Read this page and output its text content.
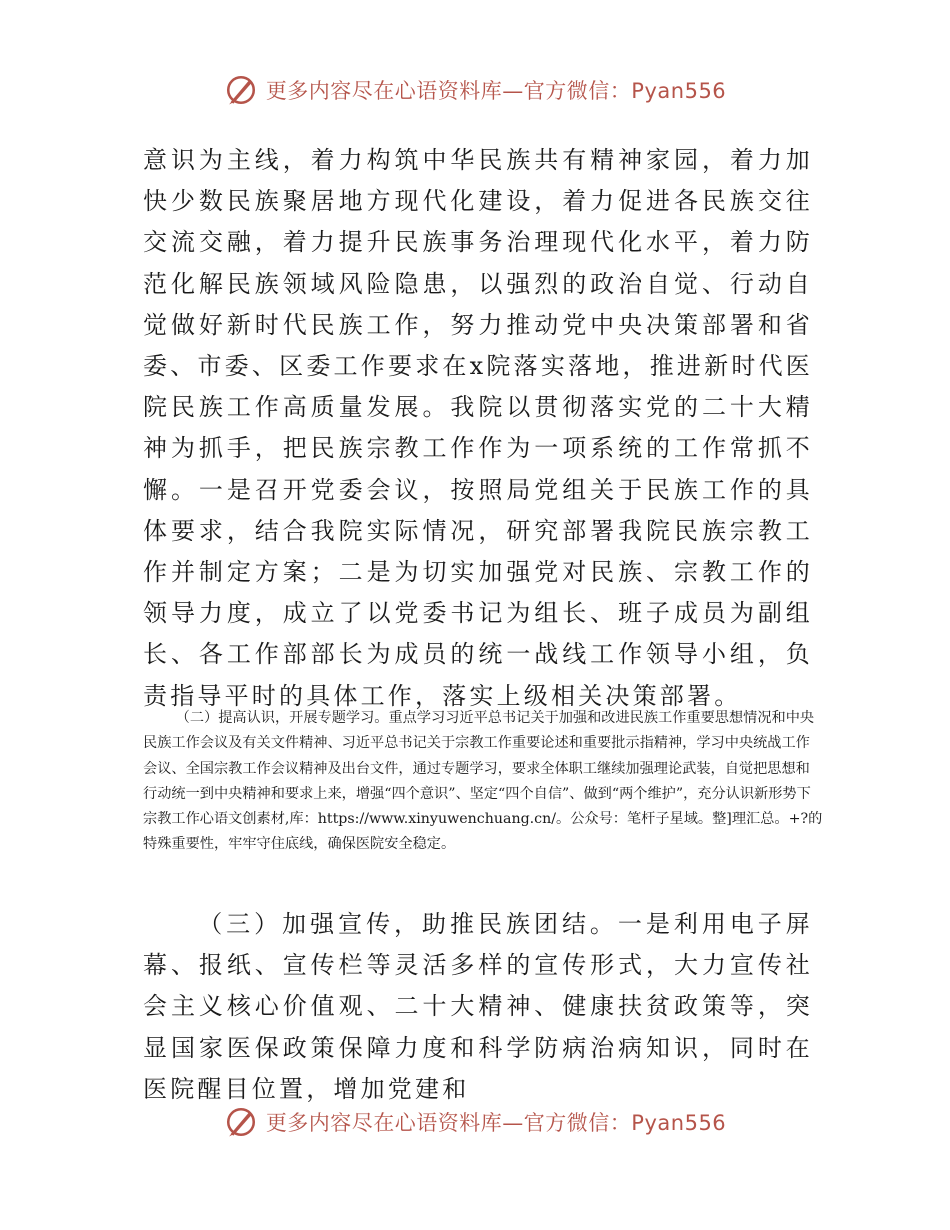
更多内容尽在心语资料库—官方微信：Pyan556

意识为主线，着力构筑中华民族共有精神家园，着力加快少数民族聚居地方现代化建设，着力促进各民族交往交流交融，着力提升民族事务治理现代化水平，着力防范化解民族领域风险隐患，以强烈的政治自觉、行动自觉做好新时代民族工作，努力推动党中央决策部署和省委、市委、区委工作要求在x院落实落地，推进新时代医院民族工作高质量发展。我院以贯彻落实党的二十大精神为抓手，把民族宗教工作作为一项系统的工作常抓不懈。一是召开党委会议，按照局党组关于民族工作的具体要求，结合我院实际情况，研究部署我院民族宗教工作并制定方案；二是为切实加强党对民族、宗教工作的领导力度，成立了以党委书记为组长、班子成员为副组长、各工作部部长为成员的统一战线工作领导小组，负责指导平时的具体工作，落实上级相关决策部署。

（二）提高认识，开展专题学习。重点学习习近平总书记关于加强和改进民族工作重要思想情况和中央民族工作会议及有关文件精神、习近平总书记关于宗教工作重要论述和重要批示指精神，学习中央统战工作会议、全国宗教工作会议精神及出台文件，通过专题学习，要求全体职工继续加强理论武装，自觉把思想和行动统一到中央精神和要求上来，增强“四个意识”、坚定“四个自信”、做到“两个维护”，充分认识新形势下宗教工作心语文创素材,库：https://www.xinyuwenchuang.cn/。公众号：笔杆子星域。整]理汇总。+?的特殊重要性，牢牢守住底线，确保医院安全稳定。

（三）加强宣传，助推民族团结。一是利用电子屏幕、报纸、宣传栏等灵活多样的宣传形式，大力宣传社会主义核心价值观、二十大精神、健康扶贫政策等，突显国家医保政策保障力度和科学防病治病知识，同时在医院醒目位置，增加党建和

更多内容尽在心语资料库—官方微信：Pyan556
